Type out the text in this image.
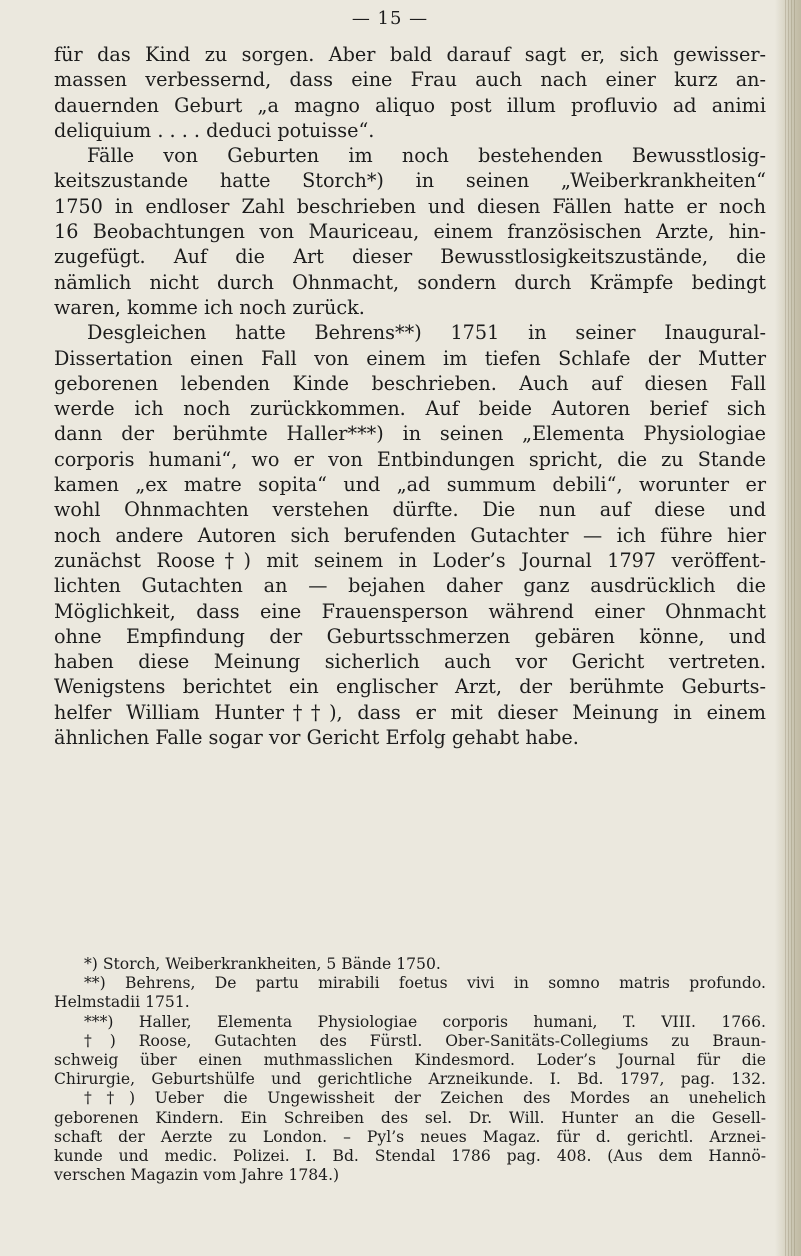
— 15 —
für das Kind zu sorgen. Aber bald darauf sagt er, sich gewisser-
massen verbessernd, dass eine Frau auch nach einer kurz an-
dauernden Geburt „a magno aliquo post illum profluvio ad animi
deliquium . . . . deduci potuisse“.
Fälle von Geburten im noch bestehenden Bewusstlosig-
keitszustande hatte Storch*) in seinen „Weiberkrankheiten“
1750 in endloser Zahl beschrieben und diesen Fällen hatte er noch
16 Beobachtungen von Mauriceau, einem französischen Arzte, hin-
zugefügt. Auf die Art dieser Bewusstlosigkeitszustände, die
nämlich nicht durch Ohnmacht, sondern durch Krämpfe bedingt
waren, komme ich noch zurück.
Desgleichen hatte Behrens**) 1751 in seiner Inaugural-
Dissertation einen Fall von einem im tiefen Schlafe der Mutter
geborenen lebenden Kinde beschrieben. Auch auf diesen Fall
werde ich noch zurückkommen. Auf beide Autoren berief sich
dann der berühmte Haller***) in seinen „Elementa Physiologiae
corporis humani“, wo er von Entbindungen spricht, die zu Stande
kamen „ex matre sopita“ und „ad summum debili“, worunter er
wohl Ohnmachten verstehen dürfte. Die nun auf diese und
noch andere Autoren sich berufenden Gutachter — ich führe hier
zunächst Roose†) mit seinem in Loder’s Journal 1797 veröffent-
lichten Gutachten an — bejahen daher ganz ausdrücklich die
Möglichkeit, dass eine Frauensperson während einer Ohnmacht
ohne Empfindung der Geburtsschmerzen gebären könne, und
haben diese Meinung sicherlich auch vor Gericht vertreten.
Wenigstens berichtet ein englischer Arzt, der berühmte Geburts-
helfer William Hunter††), dass er mit dieser Meinung in einem
ähnlichen Falle sogar vor Gericht Erfolg gehabt habe.
*) Storch, Weiberkrankheiten, 5 Bände 1750.
**) Behrens, De partu mirabili foetus vivi in somno matris profundo.
Helmstadii 1751.
***) Haller, Elementa Physiologiae corporis humani, T. VIII. 1766.
†) Roose, Gutachten des Fürstl. Ober-Sanitäts-Collegiums zu Braun-
schweig über einen muthmasslichen Kindesmord. Loder’s Journal für die
Chirurgie, Geburtshülfe und gerichtliche Arzneikunde. I. Bd. 1797, pag. 132.
††) Ueber die Ungewissheit der Zeichen des Mordes an unehelich
geborenen Kindern. Ein Schreiben des sel. Dr. Will. Hunter an die Gesell-
schaft der Aerzte zu London. – Pyl’s neues Magaz. für d. gerichtl. Arznei-
kunde und medic. Polizei. I. Bd. Stendal 1786 pag. 408. (Aus dem Hannö-
verschen Magazin vom Jahre 1784.)
